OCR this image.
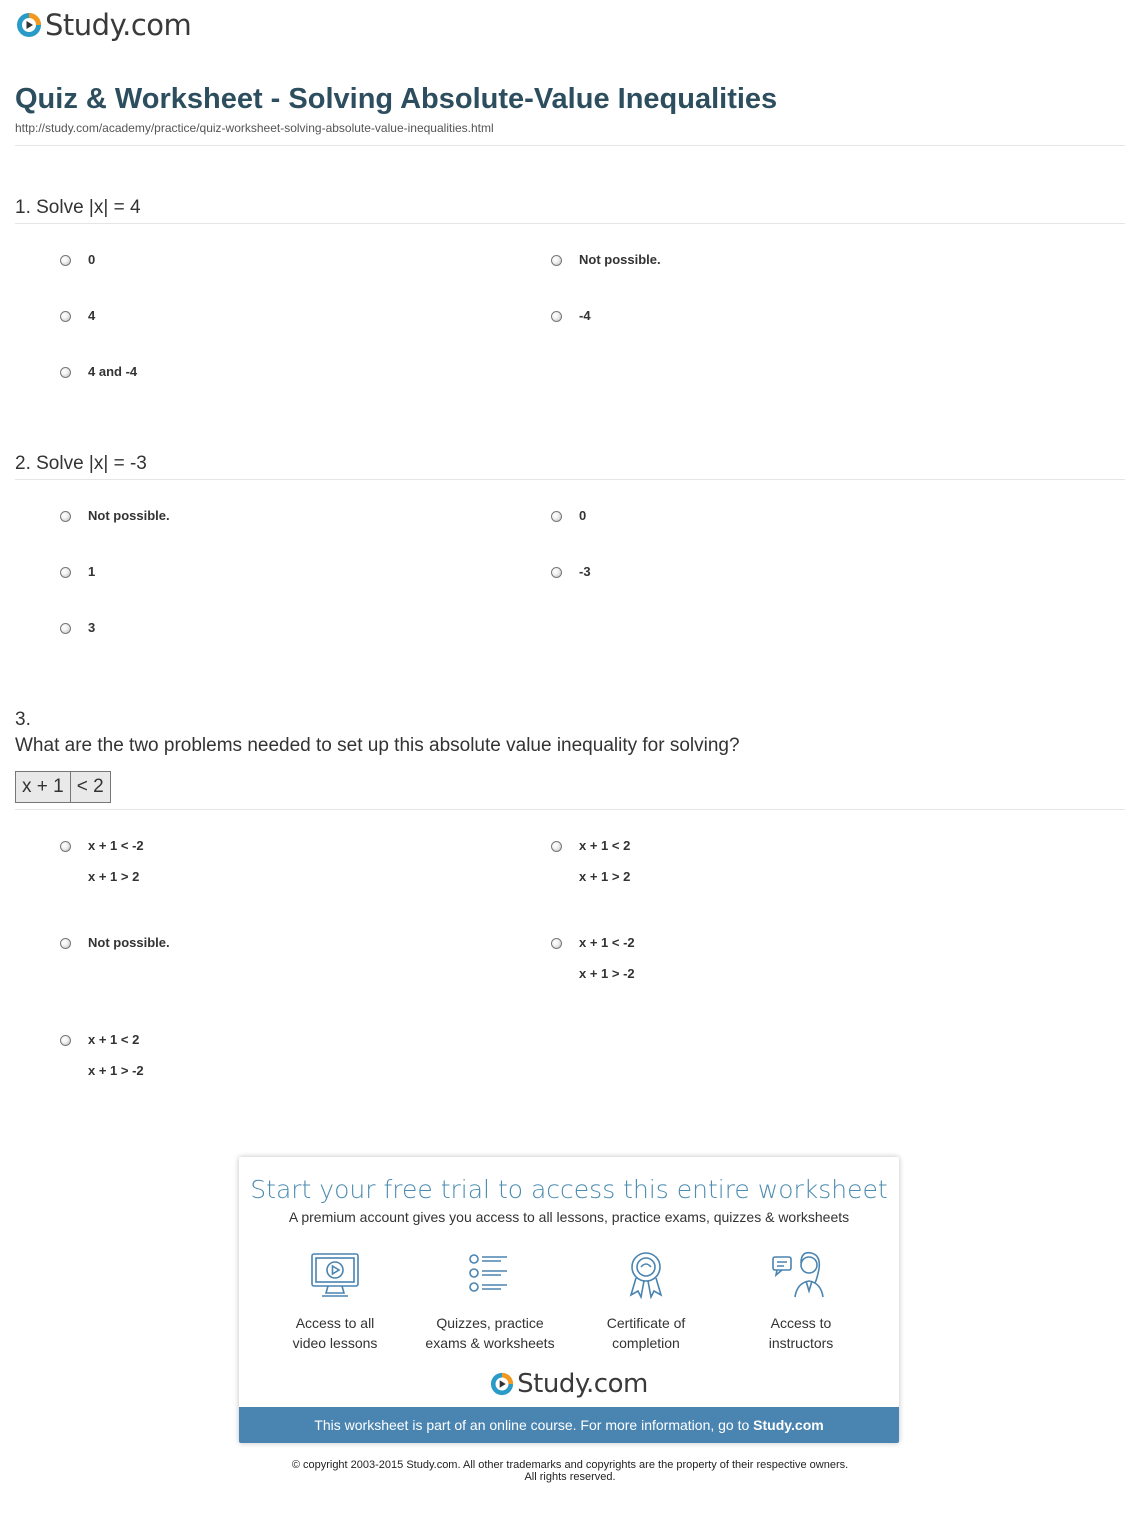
Study.com
Quiz & Worksheet - Solving Absolute-Value Inequalities
http://study.com/academy/practice/quiz-worksheet-solving-absolute-value-inequalities.html
1. Solve |x| = 4
0	Not possible.
4	-4
4 and -4
2. Solve |x| = -3
Not possible.	0
1	-3
3
3.
What are the two problems needed to set up this absolute value inequality for solving?
x + 1 < 2
x + 1 < -2
x + 1 > 2
x + 1 < 2
x + 1 > 2
Not possible.	x + 1 < -2
x + 1 > -2
x + 1 < 2
x + 1 > -2
Start your free trial to access this entire worksheet
A premium account gives you access to all lessons, practice exams, quizzes & worksheets
Access to all
video lessons
Quizzes, practice
exams & worksheets
Certificate of
completion
Access to
instructors
Study.com
This worksheet is part of an online course. For more information, go to Study.com
© copyright 2003-2015 Study.com. All other trademarks and copyrights are the property of their respective owners.
All rights reserved.
